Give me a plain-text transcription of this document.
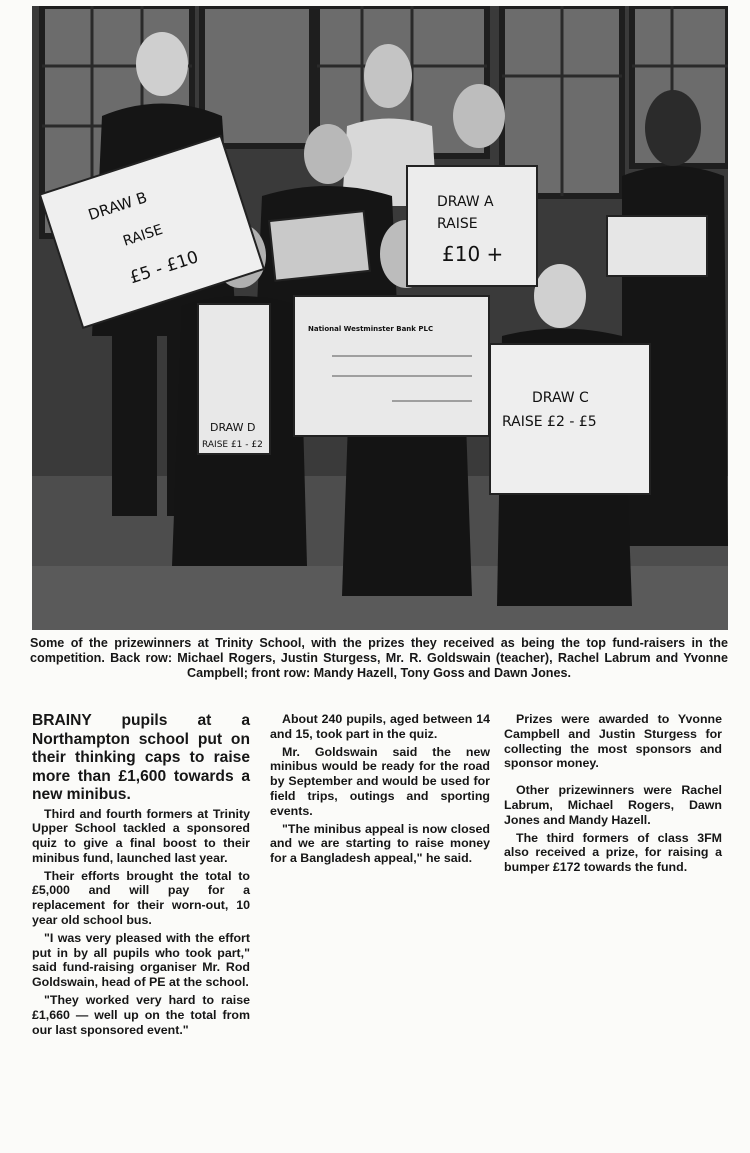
DRAW B
RAISE
£5 - £10
DRAW A
RAISE
£10 +
National Westminster Bank PLC
DRAW D
RAISE £1 - £2
DRAW C
RAISE £2 - £5

Some of the prizewinners at Trinity School, with the prizes they received as being the top fund-raisers in the competition. Back row: Michael Rogers, Justin Sturgess, Mr. R. Goldswain (teacher), Rachel Labrum and Yvonne Campbell; front row: Mandy Hazell, Tony Goss and Dawn Jones.

BRAINY pupils at a Northampton school put on their thinking caps to raise more than £1,600 towards a new minibus.

Third and fourth formers at Trinity Upper School tackled a sponsored quiz to give a final boost to their minibus fund, launched last year.

Their efforts brought the total to £5,000 and will pay for a replacement for their worn-out, 10 year old school bus.

"I was very pleased with the effort put in by all pupils who took part," said fund-raising organiser Mr. Rod Goldswain, head of PE at the school.

"They worked very hard to raise £1,660 — well up on the total from our last sponsored event."

About 240 pupils, aged between 14 and 15, took part in the quiz.

Mr. Goldswain said the new minibus would be ready for the road by September and would be used for field trips, outings and sporting events.

"The minibus appeal is now closed and we are starting to raise money for a Bangladesh appeal," he said.

Prizes were awarded to Yvonne Campbell and Justin Sturgess for collecting the most sponsors and sponsor money.

Other prizewinners were Rachel Labrum, Michael Rogers, Dawn Jones and Mandy Hazell.

The third formers of class 3FM also received a prize, for raising a bumper £172 towards the fund.
